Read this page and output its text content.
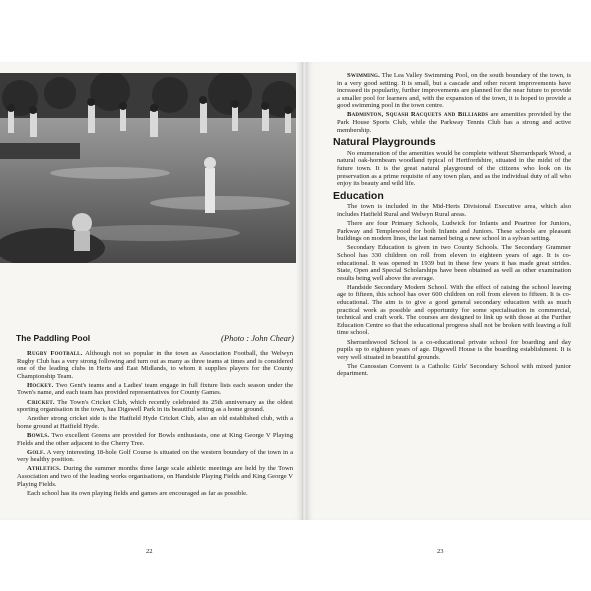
The Paddling Pool	(Photo : John Chear)

Rugby Football. Although not so popular in the town as Association Football, the Welwyn Rugby Club has a very strong following and turn out as many as three teams at times and is considered one of the leading clubs in Herts and East Midlands, to whom it supplies players for the County Championship Team.

Hockey. Two Gent's teams and a Ladies' team engage in full fixture lists each season under the Town's name, and each team has provided representatives for County Games.

Cricket. The Town's Cricket Club, which recently celebrated its 25th anniversary as the oldest sporting organisation in the town, has Digswell Park in its beautiful setting as a home ground.

Another strong cricket side is the Hatfield Hyde Cricket Club, also an old established club, with a home ground at Hatfield Hyde.

Bowls. Two excellent Greens are provided for Bowls enthusiasts, one at King George V Playing Fields and the other adjacent to the Cherry Tree.

Golf. A very interesting 18-hole Golf Course is situated on the western boundary of the town in a very healthy position.

Athletics. During the summer months three large scale athletic meetings are held by the Town Association and two of the leading works organisations, on Handside Playing Fields and King George V Playing Fields.

Each school has its own playing fields and games are encouraged as far as possible.

22

Swimming. The Lea Valley Swimming Pool, on the south boundary of the town, is in a very good setting. It is small, but a cascade and other recent improvements have increased its popularity, further improvements are planned for the near future to provide a smaller pool for learners and, with the expansion of the town, it is hoped to provide a good swimming pool in the town centre.

Badminton, Squash Racquets and Billiards are amenities provided by the Park House Sports Club, while the Parkway Tennis Club has a strong and active membership.

Natural Playgrounds

No enumeration of the amenities would be complete without Sherrardspark Wood, a natural oak-hornbeam woodland typical of Hertfordshire, situated in the midst of the future town. It is the great natural playground of the citizens who look on its preservation as a prime requisite of any town plan, and as the individual duty of all who enjoy its beauty and wild life.

Education

The town is included in the Mid-Herts Divisional Executive area, which also includes Hatfield Rural and Welwyn Rural areas.

There are four Primary Schools, Ludwick for Infants and Peartree for Juniors, Parkway and Templewood for both Infants and Juniors. These schools are pleasant buildings on modern lines, the last named being a new school in a sylvan setting.

Secondary Education is given in two County Schools. The Secondary Grammer School has 330 children on roll from eleven to eighteen years of age. It is co-educational. It was opened in 1939 but in these few years it has made great strides. State, Open and Special Scholarships have been obtained as well as other examination results being well above the average.

Handside Secondary Modern School. With the effect of raising the school leaving age to fifteen, this school has over 600 children on roll from eleven to fifteen. It is co-educational. The aim is to give a good general secondary education with as much practical work as possible and opportunity for some specialisation in commercial, technical and craft work. The courses are designed to link up with those at the Further Education Centre so that the educational progress shall not be broken with leaving a full time school.

Sherrardswood School is a co-educational private school for boarding and day pupils up to eighteen years of age. Digswell House is the boarding establishment. It is very well situated in beautiful grounds.

The Canossian Convent is a Catholic Girls' Secondary School with mixed junior department.

23
